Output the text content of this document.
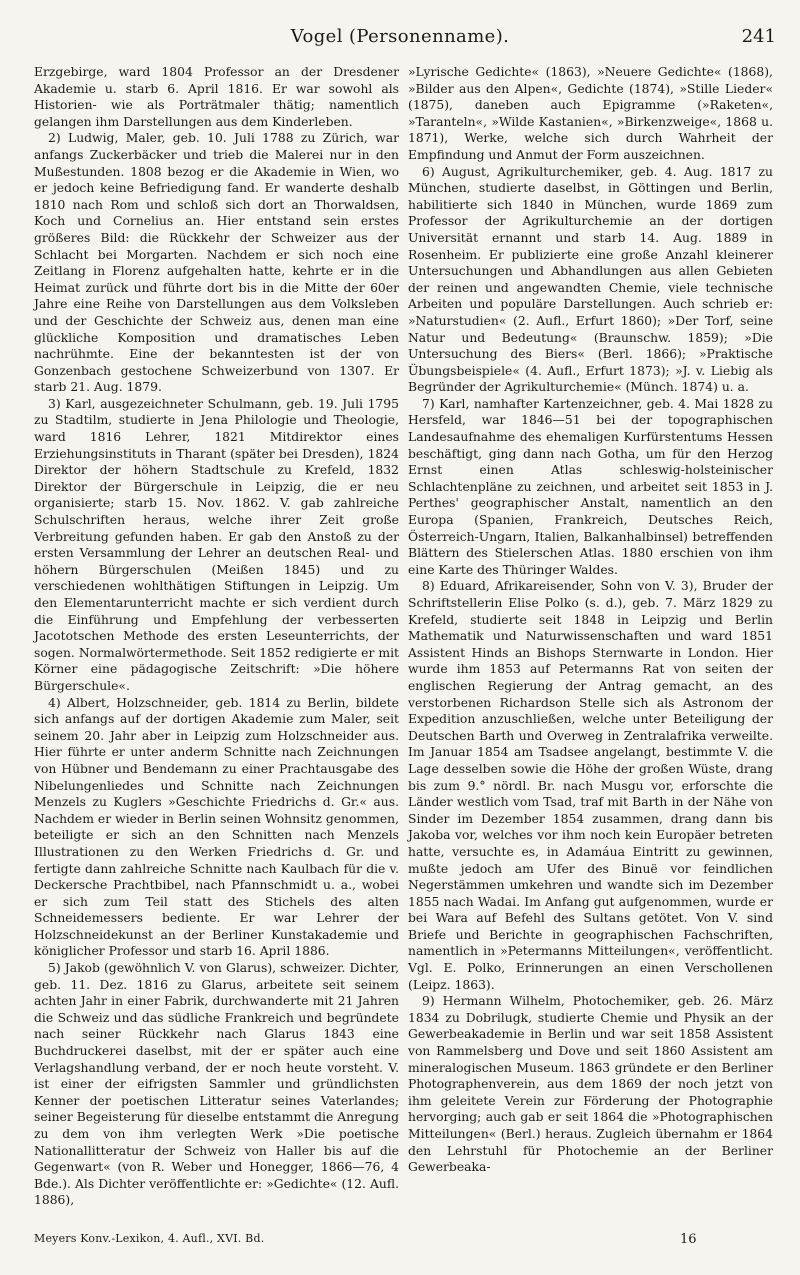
Vogel (Personenname).	241

Erzgebirge, ward 1804 Professor an der Dresdener Akademie u. starb 6. April 1816. Er war sowohl als Historien- wie als Porträtmaler thätig; namentlich gelangen ihm Darstellungen aus dem Kinderleben.

2) Ludwig, Maler, geb. 10. Juli 1788 zu Zürich, war anfangs Zuckerbäcker und trieb die Malerei nur in den Mußestunden. 1808 bezog er die Akademie in Wien, wo er jedoch keine Befriedigung fand. Er wanderte deshalb 1810 nach Rom und schloß sich dort an Thorwaldsen, Koch und Cornelius an. Hier entstand sein erstes größeres Bild: die Rückkehr der Schweizer aus der Schlacht bei Morgarten. Nachdem er sich noch eine Zeitlang in Florenz aufgehalten hatte, kehrte er in die Heimat zurück und führte dort bis in die Mitte der 60er Jahre eine Reihe von Darstellungen aus dem Volksleben und der Geschichte der Schweiz aus, denen man eine glückliche Komposition und dramatisches Leben nachrühmte. Eine der bekanntesten ist der von Gonzenbach gestochene Schweizerbund von 1307. Er starb 21. Aug. 1879.

3) Karl, ausgezeichneter Schulmann, geb. 19. Juli 1795 zu Stadtilm, studierte in Jena Philologie und Theologie, ward 1816 Lehrer, 1821 Mitdirektor eines Erziehungsinstituts in Tharant (später bei Dresden), 1824 Direktor der höhern Stadtschule zu Krefeld, 1832 Direktor der Bürgerschule in Leipzig, die er neu organisierte; starb 15. Nov. 1862. V. gab zahlreiche Schulschriften heraus, welche ihrer Zeit große Verbreitung gefunden haben. Er gab den Anstoß zu der ersten Versammlung der Lehrer an deutschen Real- und höhern Bürgerschulen (Meißen 1845) und zu verschiedenen wohlthätigen Stiftungen in Leipzig. Um den Elementarunterricht machte er sich verdient durch die Einführung und Empfehlung der verbesserten Jacototschen Methode des ersten Leseunterrichts, der sogen. Normalwörtermethode. Seit 1852 redigierte er mit Körner eine pädagogische Zeitschrift: »Die höhere Bürgerschule«.

4) Albert, Holzschneider, geb. 1814 zu Berlin, bildete sich anfangs auf der dortigen Akademie zum Maler, seit seinem 20. Jahr aber in Leipzig zum Holzschneider aus. Hier führte er unter anderm Schnitte nach Zeichnungen von Hübner und Bendemann zu einer Prachtausgabe des Nibelungenliedes und Schnitte nach Zeichnungen Menzels zu Kuglers »Geschichte Friedrichs d. Gr.« aus. Nachdem er wieder in Berlin seinen Wohnsitz genommen, beteiligte er sich an den Schnitten nach Menzels Illustrationen zu den Werken Friedrichs d. Gr. und fertigte dann zahlreiche Schnitte nach Kaulbach für die v. Deckersche Prachtbibel, nach Pfannschmidt u. a., wobei er sich zum Teil statt des Stichels des alten Schneidemessers bediente. Er war Lehrer der Holzschneidekunst an der Berliner Kunstakademie und königlicher Professor und starb 16. April 1886.

5) Jakob (gewöhnlich V. von Glarus), schweizer. Dichter, geb. 11. Dez. 1816 zu Glarus, arbeitete seit seinem achten Jahr in einer Fabrik, durchwanderte mit 21 Jahren die Schweiz und das südliche Frankreich und begründete nach seiner Rückkehr nach Glarus 1843 eine Buchdruckerei daselbst, mit der er später auch eine Verlagshandlung verband, der er noch heute vorsteht. V. ist einer der eifrigsten Sammler und gründlichsten Kenner der poetischen Litteratur seines Vaterlandes; seiner Begeisterung für dieselbe entstammt die Anregung zu dem von ihm verlegten Werk »Die poetische Nationallitteratur der Schweiz von Haller bis auf die Gegenwart« (von R. Weber und Honegger, 1866—76, 4 Bde.). Als Dichter veröffentlichte er: »Gedichte« (12. Aufl. 1886),

»Lyrische Gedichte« (1863), »Neuere Gedichte« (1868), »Bilder aus den Alpen«, Gedichte (1874), »Stille Lieder« (1875), daneben auch Epigramme (»Raketen«, »Taranteln«, »Wilde Kastanien«, »Birkenzweige«, 1868 u. 1871), Werke, welche sich durch Wahrheit der Empfindung und Anmut der Form auszeichnen.

6) August, Agrikulturchemiker, geb. 4. Aug. 1817 zu München, studierte daselbst, in Göttingen und Berlin, habilitierte sich 1840 in München, wurde 1869 zum Professor der Agrikulturchemie an der dortigen Universität ernannt und starb 14. Aug. 1889 in Rosenheim. Er publizierte eine große Anzahl kleinerer Untersuchungen und Abhandlungen aus allen Gebieten der reinen und angewandten Chemie, viele technische Arbeiten und populäre Darstellungen. Auch schrieb er: »Naturstudien« (2. Aufl., Erfurt 1860); »Der Torf, seine Natur und Bedeutung« (Braunschw. 1859); »Die Untersuchung des Biers« (Berl. 1866); »Praktische Übungsbeispiele« (4. Aufl., Erfurt 1873); »J. v. Liebig als Begründer der Agrikulturchemie« (Münch. 1874) u. a.

7) Karl, namhafter Kartenzeichner, geb. 4. Mai 1828 zu Hersfeld, war 1846—51 bei der topographischen Landesaufnahme des ehemaligen Kurfürstentums Hessen beschäftigt, ging dann nach Gotha, um für den Herzog Ernst einen Atlas schleswig-holsteinischer Schlachtenpläne zu zeichnen, und arbeitet seit 1853 in J. Perthes' geographischer Anstalt, namentlich an den Europa (Spanien, Frankreich, Deutsches Reich, Österreich-Ungarn, Italien, Balkanhalbinsel) betreffenden Blättern des Stielerschen Atlas. 1880 erschien von ihm eine Karte des Thüringer Waldes.

8) Eduard, Afrikareisender, Sohn von V. 3), Bruder der Schriftstellerin Elise Polko (s. d.), geb. 7. März 1829 zu Krefeld, studierte seit 1848 in Leipzig und Berlin Mathematik und Naturwissenschaften und ward 1851 Assistent Hinds an Bishops Sternwarte in London. Hier wurde ihm 1853 auf Petermanns Rat von seiten der englischen Regierung der Antrag gemacht, an des verstorbenen Richardson Stelle sich als Astronom der Expedition anzuschließen, welche unter Beteiligung der Deutschen Barth und Overweg in Zentralafrika verweilte. Im Januar 1854 am Tsadsee angelangt, bestimmte V. die Lage desselben sowie die Höhe der großen Wüste, drang bis zum 9.° nördl. Br. nach Musgu vor, erforschte die Länder westlich vom Tsad, traf mit Barth in der Nähe von Sinder im Dezember 1854 zusammen, drang dann bis Jakoba vor, welches vor ihm noch kein Europäer betreten hatte, versuchte es, in Adamáua Eintritt zu gewinnen, mußte jedoch am Ufer des Binuë vor feindlichen Negerstämmen umkehren und wandte sich im Dezember 1855 nach Wadai. Im Anfang gut aufgenommen, wurde er bei Wara auf Befehl des Sultans getötet. Von V. sind Briefe und Berichte in geographischen Fachschriften, namentlich in »Petermanns Mitteilungen«, veröffentlicht. Vgl. E. Polko, Erinnerungen an einen Verschollenen (Leipz. 1863).

9) Hermann Wilhelm, Photochemiker, geb. 26. März 1834 zu Dobrilugk, studierte Chemie und Physik an der Gewerbeakademie in Berlin und war seit 1858 Assistent von Rammelsberg und Dove und seit 1860 Assistent am mineralogischen Museum. 1863 gründete er den Berliner Photographenverein, aus dem 1869 der noch jetzt von ihm geleitete Verein zur Förderung der Photographie hervorging; auch gab er seit 1864 die »Photographischen Mitteilungen« (Berl.) heraus. Zugleich übernahm er 1864 den Lehrstuhl für Photochemie an der Berliner Gewerbeaka-

Meyers Konv.-Lexikon, 4. Aufl., XVI. Bd.	16
